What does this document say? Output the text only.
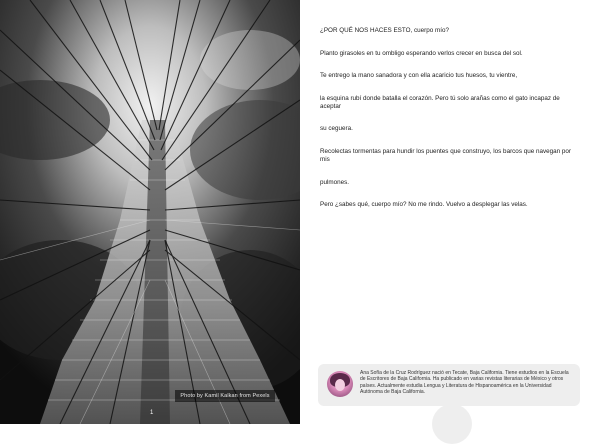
Photo by Kamil Kalkan from Pexels
1

¿POR QUÉ NOS HACES ESTO, cuerpo mío?

Planto girasoles en tu ombligo esperando verlos crecer en busca del sol.

Te entrego la mano sanadora y con ella acaricio tus huesos, tu vientre,

la esquina rubí donde batalla el corazón. Pero tú solo arañas como el gato incapaz de aceptar

su ceguera.

Recolectas tormentas para hundir los puentes que construyo, los barcos que navegan por mis

pulmones.

Pero ¿sabes qué, cuerpo mío? No me rindo. Vuelvo a desplegar las velas.

Ana Sofía de la Cruz Rodríguez nació en Tecate, Baja California. Tiene estudios en la Escuela de Escritores de Baja California. Ha publicado en varias revistas literarias de México y otros países. Actualmente estudia Lengua y Literatura de Hispanoamérica en la Universidad Autónoma de Baja California.
